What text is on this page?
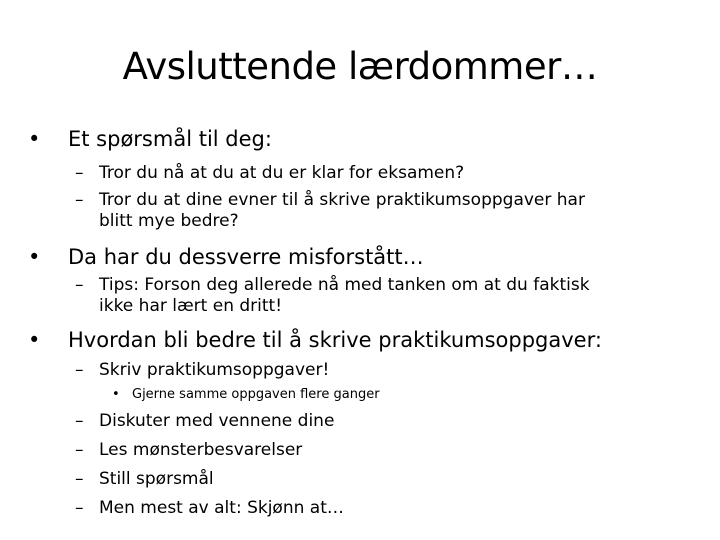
Avsluttende lærdommer…
• Et spørsmål til deg:
– Tror du nå at du at du er klar for eksamen?
– Tror du at dine evner til å skrive praktikumsoppgaver har
blitt mye bedre?
• Da har du dessverre misforstått…
– Tips: Forson deg allerede nå med tanken om at du faktisk
ikke har lært en dritt!
• Hvordan bli bedre til å skrive praktikumsoppgaver:
– Skriv praktikumsoppgaver!
• Gjerne samme oppgaven flere ganger
– Diskuter med vennene dine
– Les mønsterbesvarelser
– Still spørsmål
– Men mest av alt: Skjønn at…
